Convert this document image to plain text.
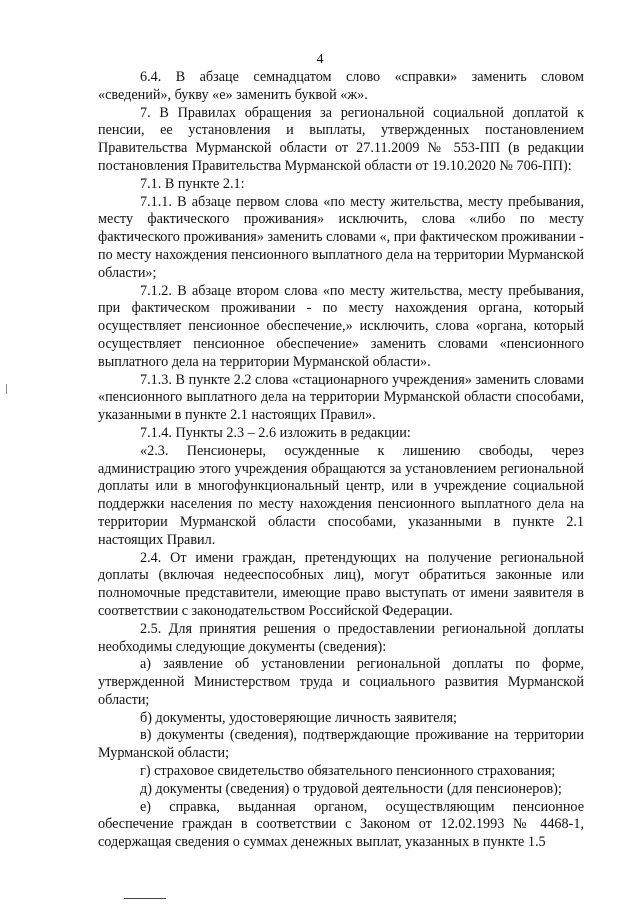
4

6.4. В абзаце семнадцатом слово «справки» заменить словом «сведений», букву «е» заменить буквой «ж».

7. В Правилах обращения за региональной социальной доплатой к пенсии, ее установления и выплаты, утвержденных постановлением Правительства Мурманской области от 27.11.2009 № 553-ПП (в редакции постановления Правительства Мурманской области от 19.10.2020 № 706-ПП):

7.1. В пункте 2.1:

7.1.1. В абзаце первом слова «по месту жительства, месту пребывания, месту фактического проживания» исключить, слова «либо по месту фактического проживания» заменить словами «, при фактическом проживании - по месту нахождения пенсионного выплатного дела на территории Мурманской области»;

7.1.2. В абзаце втором слова «по месту жительства, месту пребывания, при фактическом проживании - по месту нахождения органа, который осуществляет пенсионное обеспечение,» исключить, слова «органа, который осуществляет пенсионное обеспечение» заменить словами «пенсионного выплатного дела на территории Мурманской области».

7.1.3. В пункте 2.2 слова «стационарного учреждения» заменить словами «пенсионного выплатного дела на территории Мурманской области способами, указанными в пункте 2.1 настоящих Правил».

7.1.4. Пункты 2.3 – 2.6 изложить в редакции:

«2.3. Пенсионеры, осужденные к лишению свободы, через администрацию этого учреждения обращаются за установлением региональной доплаты или в многофункциональный центр, или в учреждение социальной поддержки населения по месту нахождения пенсионного выплатного дела на территории Мурманской области способами, указанными в пункте 2.1 настоящих Правил.

2.4. От имени граждан, претендующих на получение региональной доплаты (включая недееспособных лиц), могут обратиться законные или полномочные представители, имеющие право выступать от имени заявителя в соответствии с законодательством Российской Федерации.

2.5. Для принятия решения о предоставлении региональной доплаты необходимы следующие документы (сведения):

а) заявление об установлении региональной доплаты по форме, утвержденной Министерством труда и социального развития Мурманской области;

б) документы, удостоверяющие личность заявителя;

в) документы (сведения), подтверждающие проживание на территории Мурманской области;

г) страховое свидетельство обязательного пенсионного страхования;

д) документы (сведения) о трудовой деятельности (для пенсионеров);

е) справка, выданная органом, осуществляющим пенсионное обеспечение граждан в соответствии с Законом от 12.02.1993 № 4468-1, содержащая сведения о суммах денежных выплат, указанных в пункте 1.5
